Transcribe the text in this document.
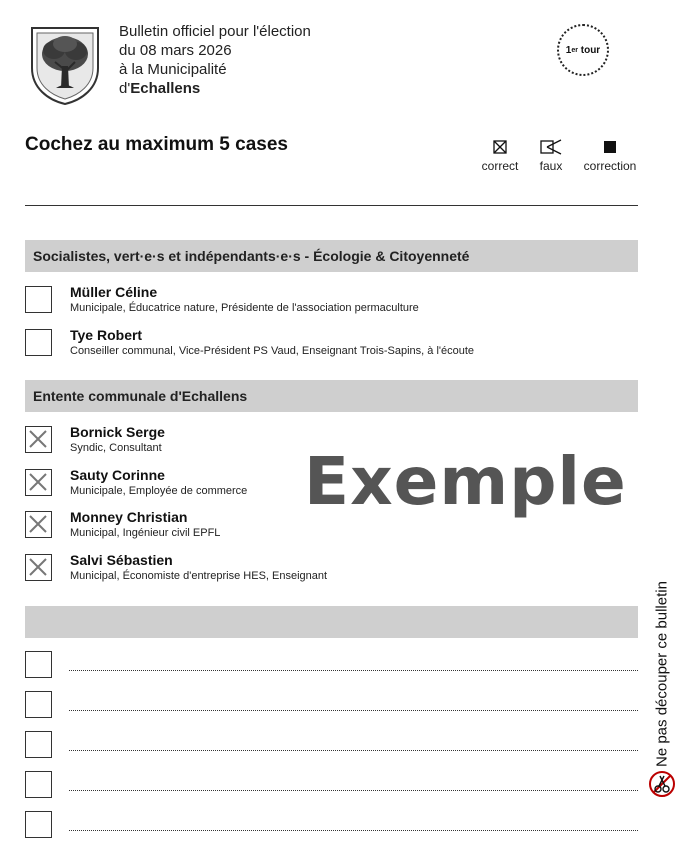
Bulletin officiel pour l'élection
du 08 mars 2026
à la Municipalité
d'Echallens
1 er
tour
Cochez au maximum 5 cases
correct	faux	correction
Socialistes, vert·e·s et indépendants·e·s - Écologie & Citoyenneté
Müller Céline
Municipale, Éducatrice nature, Présidente de l'association permaculture
Tye Robert
Conseiller communal, Vice-Président PS Vaud, Enseignant Trois-Sapins, à l'écoute
Entente communale d'Echallens
Bornick Serge
Syndic, Consultant
Sauty Corinne
Municipale, Employée de commerce
Monney Christian
Municipal, Ingénieur civil EPFL
Salvi Sébastien
Municipal, Économiste d'entreprise HES, Enseignant
Exemple
Ne pas découper ce bulletin
